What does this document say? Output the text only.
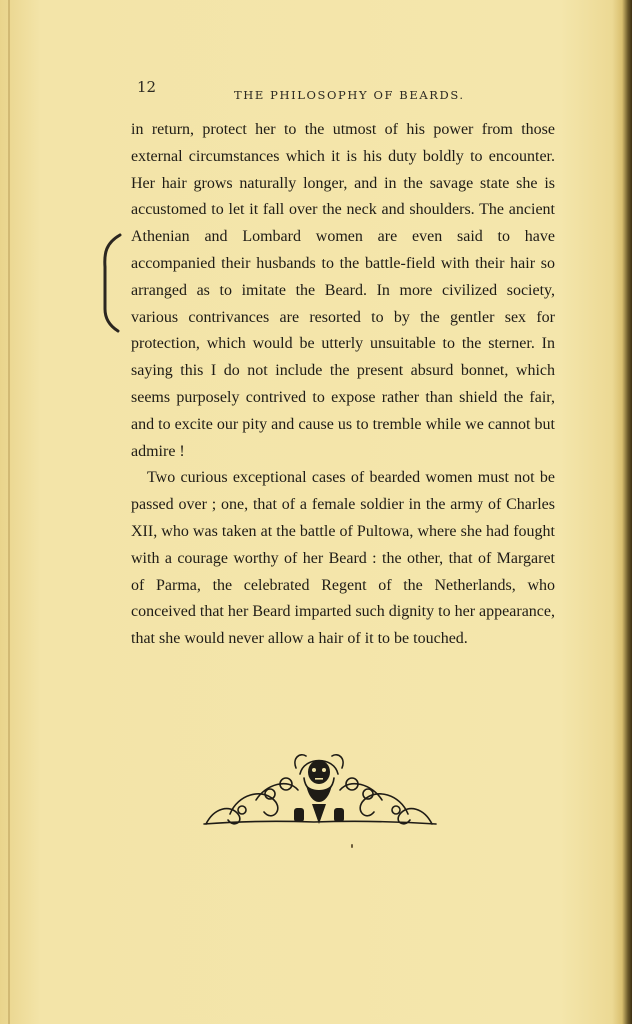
12	THE PHILOSOPHY OF BEARDS.

in return, protect her to the utmost of his power from those external circumstances which it is his duty boldly to encounter. Her hair grows naturally longer, and in the savage state she is accustomed to let it fall over the neck and shoulders. The ancient Athenian and Lombard women are even said to have accompanied their husbands to the battle-field with their hair so arranged as to imitate the Beard. In more civilized society, various contrivances are resorted to by the gentler sex for protection, which would be utterly unsuitable to the sterner. In saying this I do not include the present absurd bonnet, which seems purposely contrived to expose rather than shield the fair, and to excite our pity and cause us to tremble while we cannot but admire !

Two curious exceptional cases of bearded women must not be passed over ; one, that of a female soldier in the army of Charles XII, who was taken at the battle of Pultowa, where she had fought with a courage worthy of her Beard : the other, that of Margaret of Parma, the celebrated Regent of the Netherlands, who conceived that her Beard imparted such dignity to her appearance, that she would never allow a hair of it to be touched.
